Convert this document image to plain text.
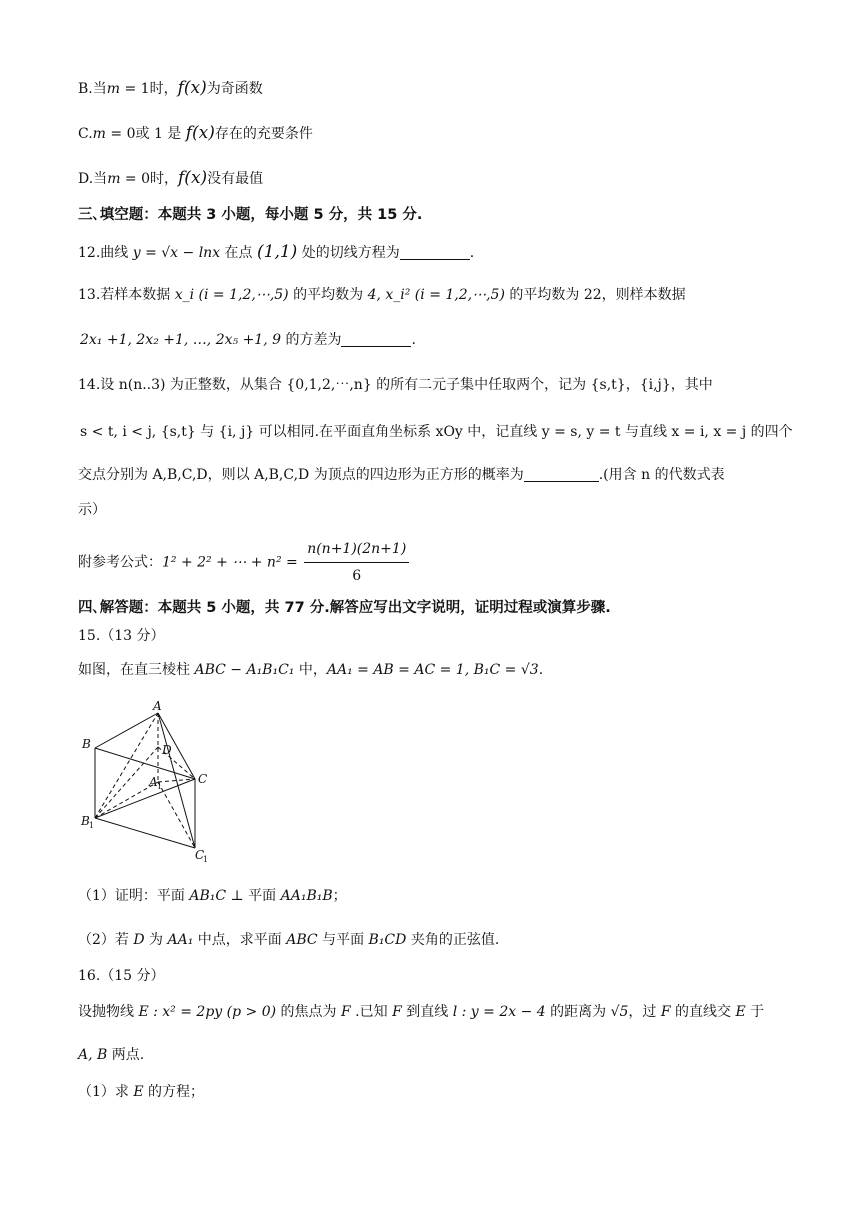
B.当m = 1时，f(x)为奇函数
C.m = 0或 1 是 f(x)存在的充要条件
D.当m = 0时，f(x)没有最值
三､填空题：本题共 3 小题，每小题 5 分，共 15 分.
12.曲线 y = √x − lnx 在点 (1,1) 处的切线方程为	.
13.若样本数据 x_i (i = 1,2,⋯,5) 的平均数为 4, x_i² (i = 1,2,⋯,5) 的平均数为 22，则样本数据
2x₁ +1, 2x₂ +1, …, 2x₅ +1, 9 的方差为	.
14.设 n(n..3) 为正整数，从集合 {0,1,2,⋯,n} 的所有二元子集中任取两个，记为 {s,t}，{i,j}，其中
s < t, i < j, {s,t} 与 {i, j} 可以相同.在平面直角坐标系 xOy 中，记直线 y = s, y = t 与直线 x = i, x = j 的四个
交点分别为 A,B,C,D，则以 A,B,C,D 为顶点的四边形为正方形的概率为	.(用含 n 的代数式表
示）
附参考公式：1² + 2² + ⋯ + $n^2 = \frac{n(n+1)(2n+1)}{6}$
四､解答题：本题共 5 小题，共 77 分.解答应写出文字说明，证明过程或演算步骤.
15.（13 分）
如图，在直三棱柱 ABC − A₁B₁C₁ 中，AA₁ = AB = AC = 1, B₁C = √3.
A
B	D
C
A 1
B 1
C
1
（1）证明：平面 AB₁C ⊥ 平面 AA₁B₁B；
（2）若 D 为 AA₁ 中点，求平面 ABC 与平面 B₁CD 夹角的正弦值.
16.（15 分）
设抛物线 E : x² = 2py (p > 0) 的焦点为 F .已知 F 到直线 l : y = 2x − 4 的距离为 √5，过 F 的直线交 E 于
A, B 两点.
（1）求 E 的方程；
